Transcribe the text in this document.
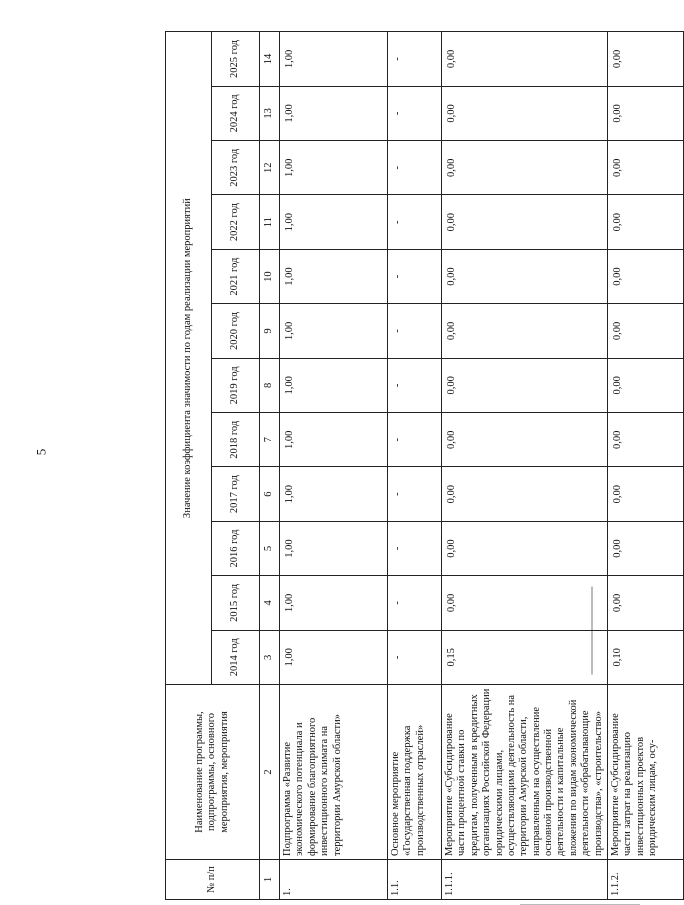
5
№ п/п	Наименование программы, подпрограммы, основного мероприятия, мероприятия	Значение коэффициента значимости по годам реализации мероприятий											
		2014 год	2015 год	2016 год	2017 год	2018 год	2019 год	2020 год	2021 год	2022 год	2023 год	2024 год	2025 год
1	2	3	4	5	6	7	8	9	10	11	12	13	14
1.	Подпрограмма «Развитие экономического потенциала и формирование благоприятного инвестиционного климата на территории Амурской области»	1,00	1,00	1,00	1,00	1,00	1,00	1,00	1,00	1,00	1,00	1,00	1,00
1.1.	Основное мероприятие «Государственная поддержка производственных отраслей»	-	-	-	-	-	-	-	-	-	-	-	-
1.1.1.	Мероприятие «Субсидирование части процентной ставки по кредитам, полученным в кредитных организациях Российской Федерации юридическими лицами, осуществляющими деятельность на территории Амурской области, направленным на осуществление основной производственной деятельности и капитальные вложения по видам экономической деятельности «обрабатывающие производства», «строительство»	0,15	0,00	0,00	0,00	0,00	0,00	0,00	0,00	0,00	0,00	0,00	0,00
1.1.2.	Мероприятие «Субсидирование части затрат на реализацию инвестиционных проектов юридическим лицам, осу-	0,10	0,00	0,00	0,00	0,00	0,00	0,00	0,00	0,00	0,00	0,00	0,00
